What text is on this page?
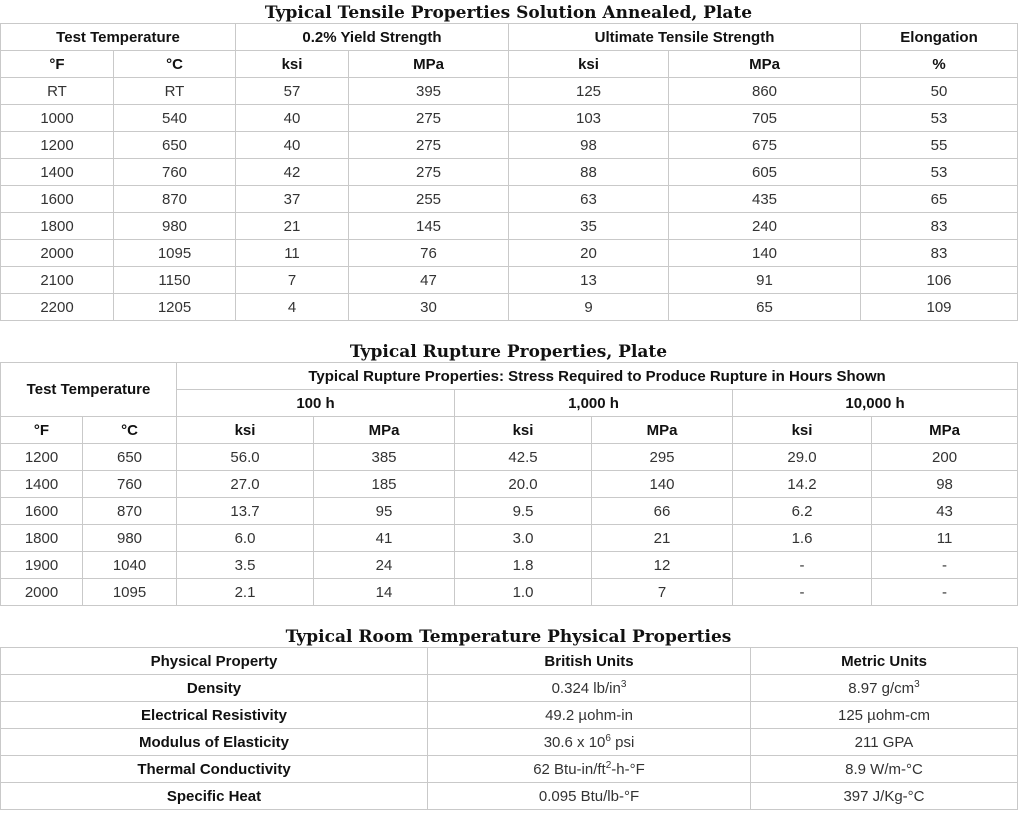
Typical Tensile Properties Solution Annealed, Plate
Test Temperature		0.2% Yield Strength		Ultimate Tensile Strength		Elongation
°F	°C	ksi	MPa	ksi	MPa	%
RT	RT	57	395	125	860	50
1000	540	40	275	103	705	53
1200	650	40	275	98	675	55
1400	760	42	275	88	605	53
1600	870	37	255	63	435	65
1800	980	21	145	35	240	83
2000	1095	11	76	20	140	83
2100	1150	7	47	13	91	106
2200	1205	4	30	9	65	109
Typical Rupture Properties, Plate
Test Temperature		Typical Rupture Properties: Stress Required to Produce Rupture in Hours Shown					
		100 h		1,000 h		10,000 h	
°F	°C	ksi	MPa	ksi	MPa	ksi	MPa
1200	650	56.0	385	42.5	295	29.0	200
1400	760	27.0	185	20.0	140	14.2	98
1600	870	13.7	95	9.5	66	6.2	43
1800	980	6.0	41	3.0	21	1.6	11
1900	1040	3.5	24	1.8	12	-	-
2000	1095	2.1	14	1.0	7	-	-
Typical Room Temperature Physical Properties
Physical Property	British Units	Metric Units
Density	0.324 $lb/in^3$	8.97 $g/cm^3$
Electrical Resistivity	49.2 µohm-in	125 µohm-cm
Modulus of Elasticity	30.6 x $10^6$ psi	211 GPA
Thermal Conductivity	62 Btu-$in/ft^2-h-^\circ F$	8.9 W/m-°C
Specific Heat	0.095 Btu/lb-°F	397 J/Kg-°C
